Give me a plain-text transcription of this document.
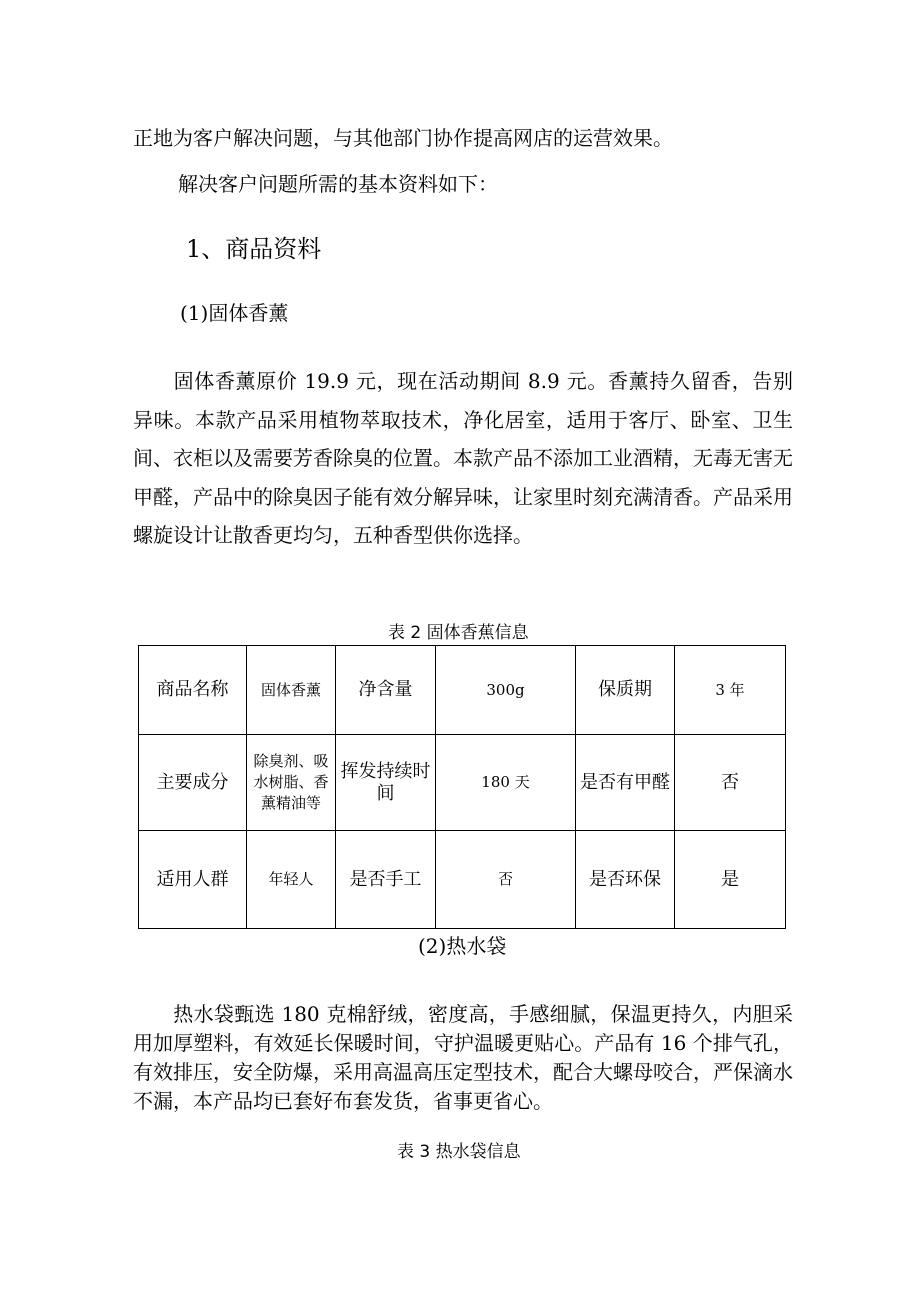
正地为客户解决问题，与其他部门协作提高网店的运营效果。
解决客户问题所需的基本资料如下：
1、商品资料
(1)固体香薰
固体香薰原价 19.9 元，现在活动期间 8.9 元。香薰持久留香，告别异味。本款产品采用植物萃取技术，净化居室，适用于客厅、卧室、卫生间、衣柜以及需要芳香除臭的位置。本款产品不添加工业酒精，无毒无害无甲醛，产品中的除臭因子能有效分解异味，让家里时刻充满清香。产品采用螺旋设计让散香更均匀，五种香型供你选择。
表 2 固体香蕉信息
商品名称	固体香薰	净含量	300g	保质期	3 年
主要成分	除臭剂、吸水树脂、香薰精油等	挥发持续时间	180 天	是否有甲醛	否
适用人群	年轻人	是否手工	否	是否环保	是
(2)热水袋
热水袋甄选 180 克棉舒绒，密度高，手感细腻，保温更持久，内胆采用加厚塑料，有效延长保暖时间，守护温暖更贴心。产品有 16 个排气孔，有效排压，安全防爆，采用高温高压定型技术，配合大螺母咬合，严保滴水不漏，本产品均已套好布套发货，省事更省心。
表 3 热水袋信息
